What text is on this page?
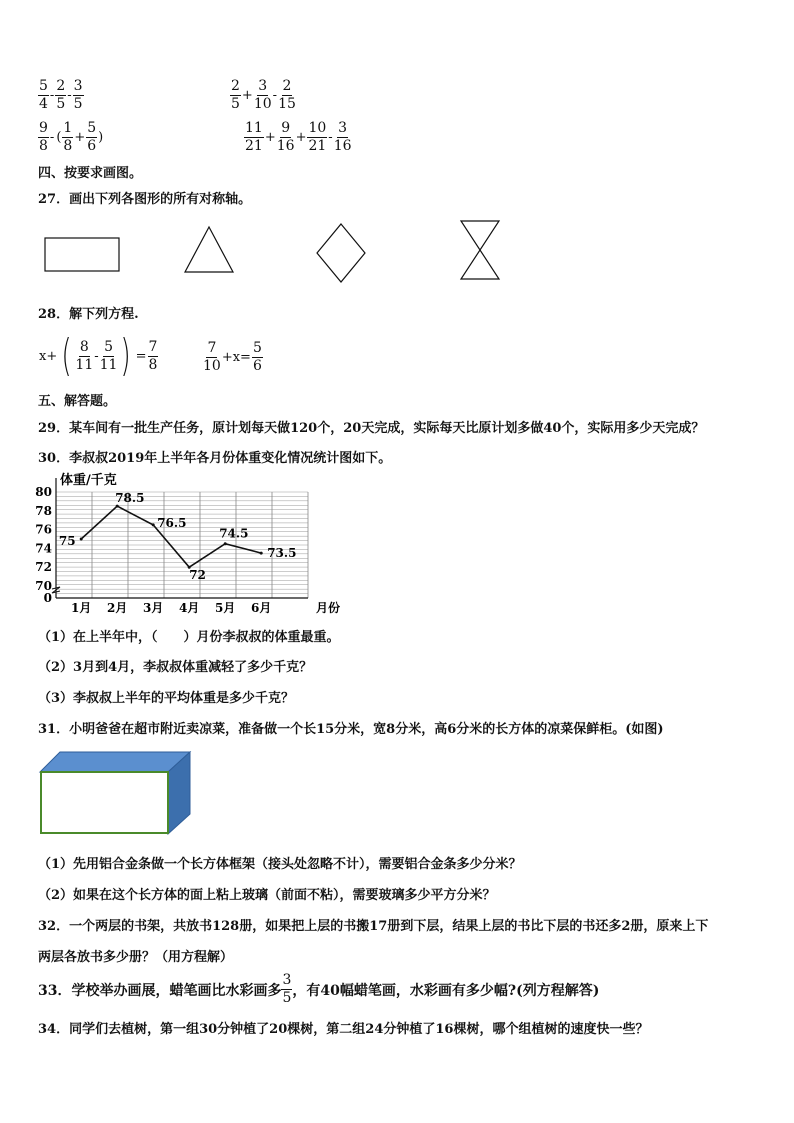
$\frac{5}{4} - \frac{2}{5} - \frac{3}{5}$	$\frac{2}{5} + \frac{3}{10} - \frac{2}{15}$
$\frac{9}{8}$ - ( $\frac{1}{8} + \frac{5}{6}$ )	$\frac{11}{21} + \frac{9}{16} + \frac{10}{21} - \frac{3}{16}$
四、按要求画图。
27．画出下列各图形的所有对称轴。
28．解下列方程.
x+ ( $\frac{8}{11} - \frac{5}{11}$ ) = $\frac{7}{8}$	$\frac{7}{10} +x= \frac{5}{6}$
五、解答题。
29．某车间有一批生产任务，原计划每天做120个，20天完成，实际每天比原计划多做40个，实际用多少天完成？
30．李叔叔2019年上半年各月份体重变化情况统计图如下。
体重/千克
80
78
76
74
72
70
0
1月 2月 3月 4月 5月 6月	月份
75
78.5
76.5
72
74.5
73.5
（1）在上半年中，（　　）月份李叔叔的体重最重。
（2）3月到4月，李叔叔体重减轻了多少千克？
（3）李叔叔上半年的平均体重是多少千克？
31．小明爸爸在超市附近卖凉菜，准备做一个长15分米，宽8分米，高6分米的长方体的凉菜保鲜柜。(如图)
（1）先用铝合金条做一个长方体框架（接头处忽略不计），需要铝合金条多少分米？
（2）如果在这个长方体的面上粘上玻璃（前面不粘），需要玻璃多少平方分米？
32．一个两层的书架，共放书128册，如果把上层的书搬17册到下层，结果上层的书比下层的书还多2册，原来上下
两层各放书多少册？（用方程解）
33．学校举办画展，蜡笔画比水彩画多 $\frac{3}{5}$ ，有40幅蜡笔画，水彩画有多少幅?(列方程解答)
34．同学们去植树，第一组30分钟植了20棵树，第二组24分钟植了16棵树，哪个组植树的速度快一些？
